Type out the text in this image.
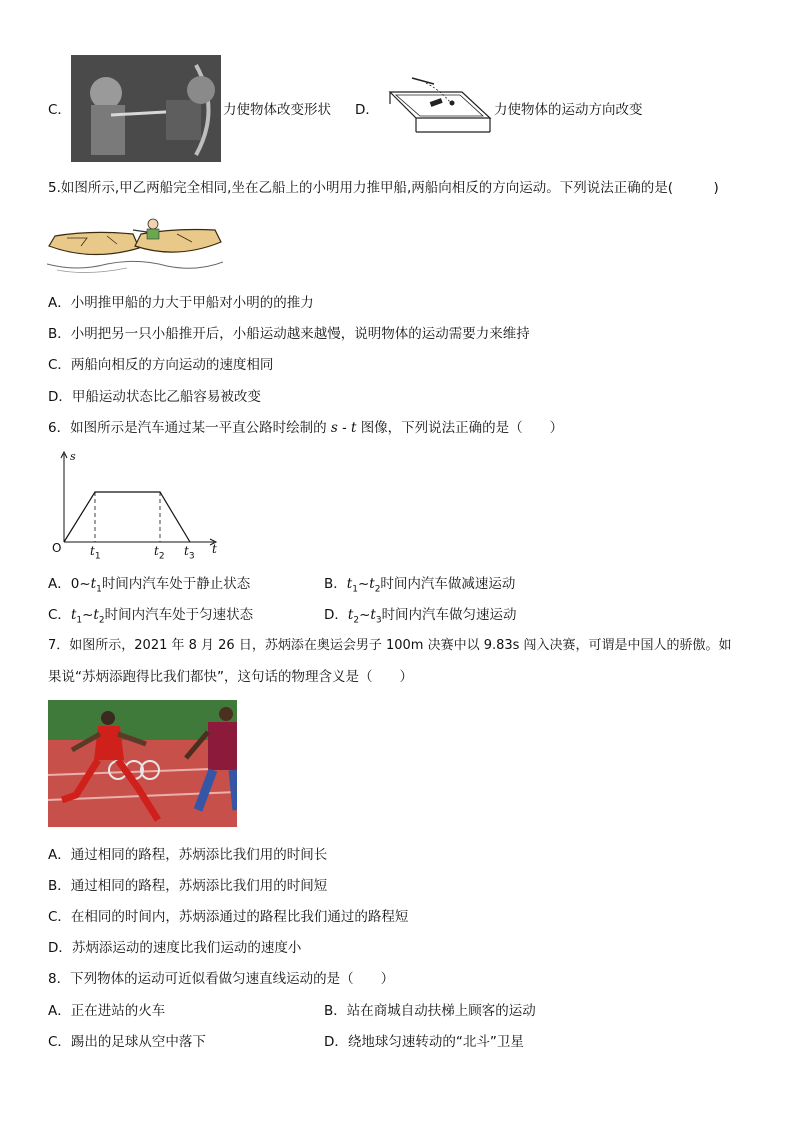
C．	力使物体改变形状 D．	力使物体的运动方向改变
5.如图所示,甲乙两船完全相同,坐在乙船上的小明用力推甲船,两船向相反的方向运动。下列说法正确的是(　　　)
A．小明推甲船的力大于甲船对小明的的推力
B．小明把另一只小船推开后，小船运动越来越慢，说明物体的运动需要力来维持
C．两船向相反的方向运动的速度相同
D．甲船运动状态比乙船容易被改变
6．如图所示是汽车通过某一平直公路时绘制的 s - t 图像，下列说法正确的是（　　）
s
t
O $t_1$	$t_2$ $t_3$
A．$0\sim t_1$时间内汽车处于静止状态	B．$t_1\sim t_2$时间内汽车做减速运动
C．$t_1\sim t_2$时间内汽车处于匀速状态	D．$t_2\sim t_3$时间内汽车做匀速运动
7．如图所示，2021 年 8 月 26 日，苏炳添在奥运会男子 100m 决赛中以 9.83s 闯入决赛，可谓是中国人的骄傲。如
果说“苏炳添跑得比我们都快”，这句话的物理含义是（　　）
A．通过相同的路程，苏炳添比我们用的时间长
B．通过相同的路程，苏炳添比我们用的时间短
C．在相同的时间内，苏炳添通过的路程比我们通过的路程短
D．苏炳添运动的速度比我们运动的速度小
8．下列物体的运动可近似看做匀速直线运动的是（　　）
A．正在进站的火车	B．站在商城自动扶梯上顾客的运动
C．踢出的足球从空中落下	D．绕地球匀速转动的“北斗”卫星
